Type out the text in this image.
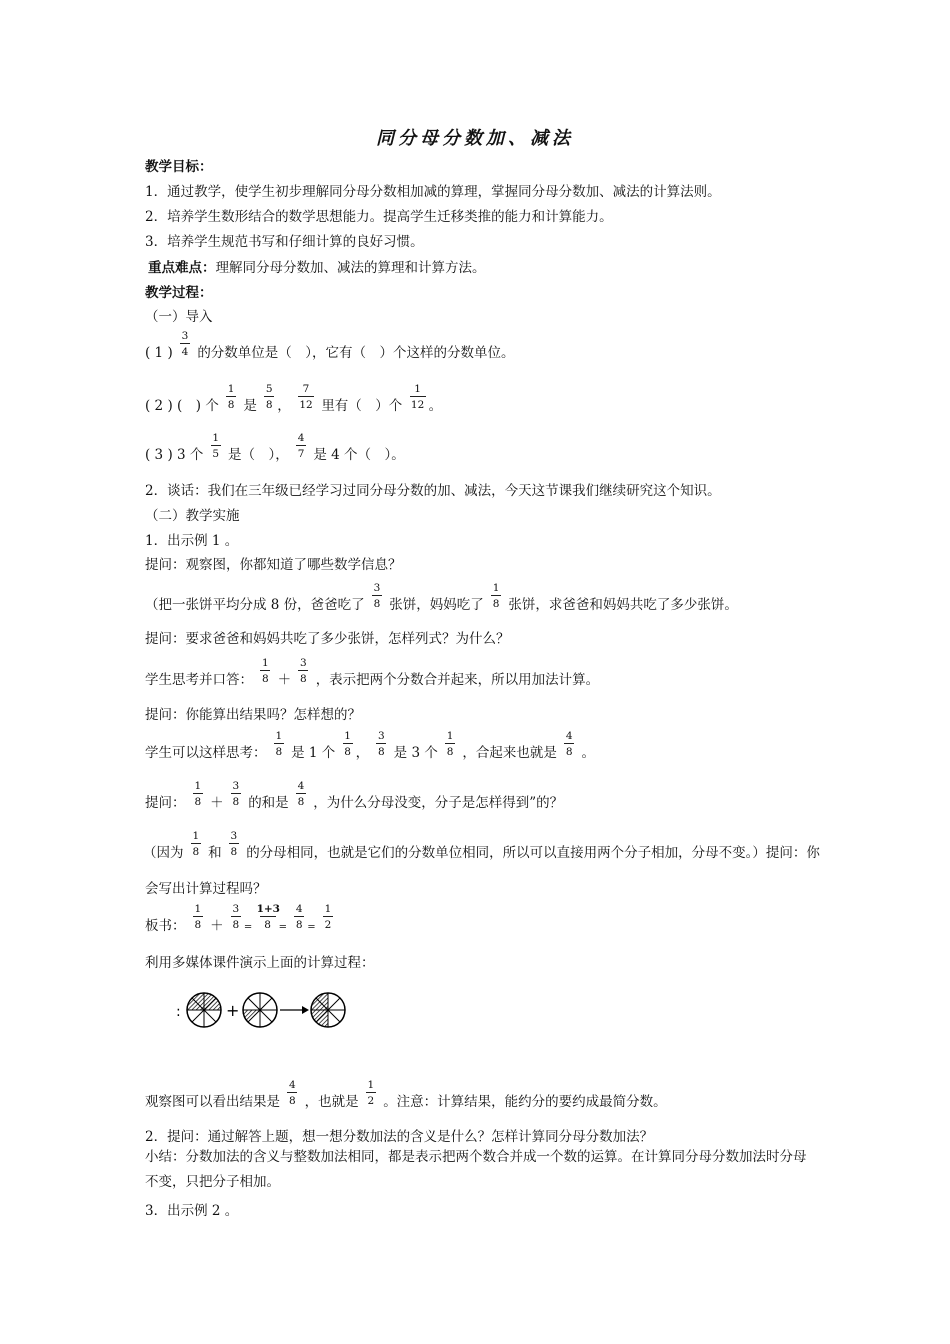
同分母分数加、减法
教学目标：
1．通过教学，使学生初步理解同分母分数相加减的算理，掌握同分母分数加、减法的计算法则。
2．培养学生数形结合的数学思想能力。提高学生迁移类推的能力和计算能力。
3．培养学生规范书写和仔细计算的良好习惯。
重点难点：理解同分母分数加、减法的算理和计算方法。
教学过程：
（一）导入
( 1 ) $\frac{3}{4}$ 的分数单位是（　），它有（　）个这样的分数单位。
( 2 ) (　) 个 $\frac{1}{8}$ 是 $\frac{5}{8}$ ， $\frac{7}{12}$ 里有（　）个 $\frac{1}{12}$ 。
( 3 ) 3 个 $\frac{1}{5}$ 是（　）， $\frac{4}{7}$ 是 4 个（　）。
2．谈话：我们在三年级已经学习过同分母分数的加、减法，今天这节课我们继续研究这个知识。
（二）教学实施
1．出示例 1 。
提问：观察图，你都知道了哪些数学信息？
（把一张饼平均分成 8 份，爸爸吃了 $\frac{3}{8}$ 张饼，妈妈吃了 $\frac{1}{8}$ 张饼，求爸爸和妈妈共吃了多少张饼。
提问：要求爸爸和妈妈共吃了多少张饼，怎样列式？为什么？
学生思考并口答： $\frac{1}{8} + \frac{3}{8}$ ，表示把两个分数合并起来，所以用加法计算。
提问：你能算出结果吗？怎样想的？
学生可以这样思考： $\frac{1}{8}$ 是 1 个 $\frac{1}{8}$ ， $\frac{3}{8}$ 是 3 个 $\frac{1}{8}$ ，合起来也就是 $\frac{4}{8}$ 。
提问： $\frac{1}{8} + \frac{3}{8}$ 的和是 $\frac{4}{8}$ ，为什么分母没变，分子是怎样得到”的？
（因为 $\frac{1}{8}$ 和 $\frac{3}{8}$ 的分母相同，也就是它们的分数单位相同，所以可以直接用两个分子相加，分母不变。）提问：你
会写出计算过程吗？
板书： $\frac{1}{8} + \frac{3}{8} = \frac{1+3}{8} = \frac{4}{8} = \frac{1}{2}$
利用多媒体课件演示上面的计算过程：
:	+
观察图可以看出结果是 $\frac{4}{8}$ ，也就是 $\frac{1}{2}$ 。注意：计算结果，能约分的要约成最简分数。
2．提问：通过解答上题，想一想分数加法的含义是什么？怎样计算同分母分数加法？
小结：分数加法的含义与整数加法相同，都是表示把两个数合并成一个数的运算。在计算同分母分数加法时分母不变，只把分子相加。
3．出示例 2 。
